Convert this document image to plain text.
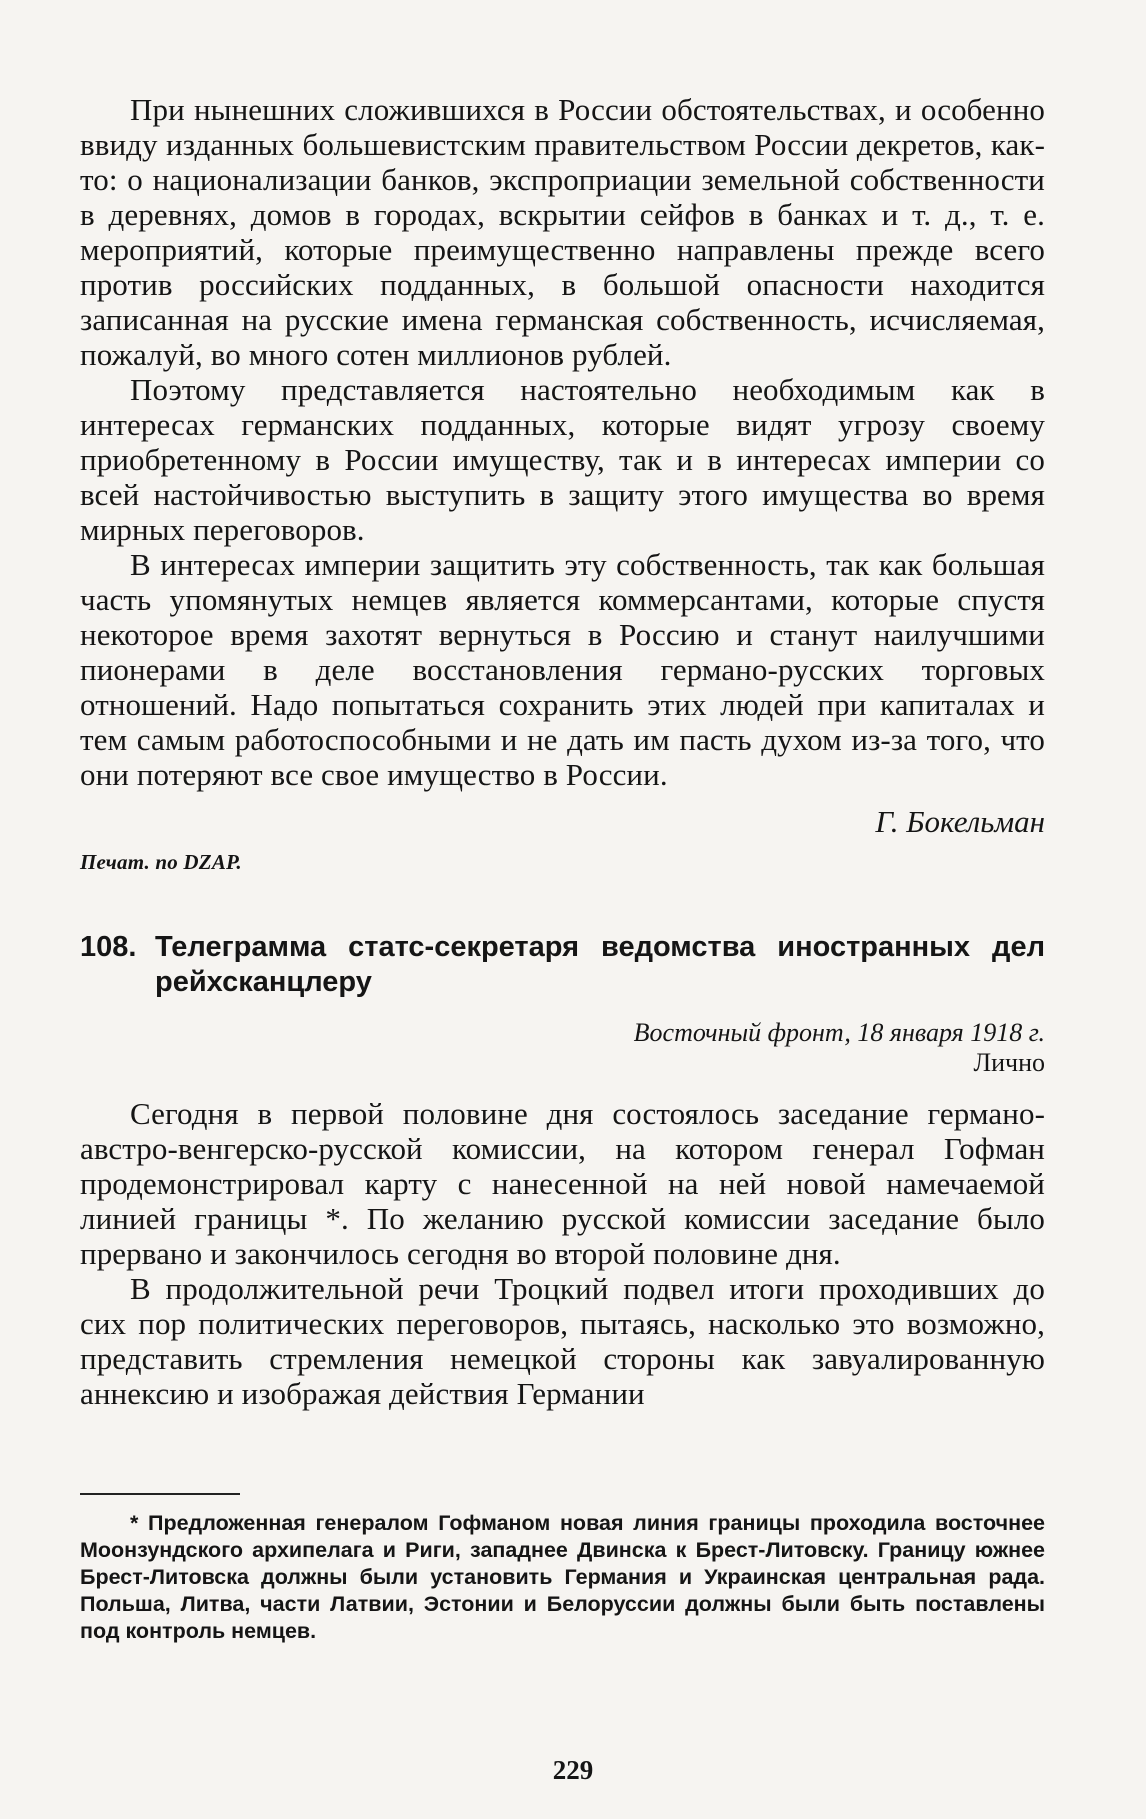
При нынешних сложившихся в России обстоятельствах, и особенно ввиду изданных большевистским правительством России декретов, как-то: о национализации банков, экспроприации земельной собственности в деревнях, домов в городах, вскрытии сейфов в банках и т. д., т. е. мероприятий, которые преимущественно направлены прежде всего против российских подданных, в большой опасности находится записанная на русские имена германская собственность, исчисляемая, пожалуй, во много сотен миллионов рублей.

Поэтому представляется настоятельно необходимым как в интересах германских подданных, которые видят угрозу своему приобретенному в России имуществу, так и в интересах империи со всей настойчивостью выступить в защиту этого имущества во время мирных переговоров.

В интересах империи защитить эту собственность, так как большая часть упомянутых немцев является коммерсантами, которые спустя некоторое время захотят вернуться в Россию и станут наилучшими пионерами в деле восстановления германо-русских торговых отношений. Надо попытаться сохранить этих людей при капиталах и тем самым работоспособными и не дать им пасть духом из-за того, что они потеряют все свое имущество в России.

Г. Бокельман

Печат. по DZAP.

108. Телеграмма статс-секретаря ведомства иностранных дел рейхсканцлеру

Восточный фронт, 18 января 1918 г.

Лично

Сегодня в первой половине дня состоялось заседание германо-австро-венгерско-русской комиссии, на котором генерал Гофман продемонстрировал карту с нанесенной на ней новой намечаемой линией границы *. По желанию русской комиссии заседание было прервано и закончилось сегодня во второй половине дня.

В продолжительной речи Троцкий подвел итоги проходивших до сих пор политических переговоров, пытаясь, насколько это возможно, представить стремления немецкой стороны как завуалированную аннексию и изображая действия Германии

* Предложенная генералом Гофманом новая линия границы проходила восточнее Моонзундского архипелага и Риги, западнее Двинска к Брест-Литовску. Границу южнее Брест-Литовска должны были установить Германия и Украинская центральная рада. Польша, Литва, части Латвии, Эстонии и Белоруссии должны были быть поставлены под контроль немцев.

229
